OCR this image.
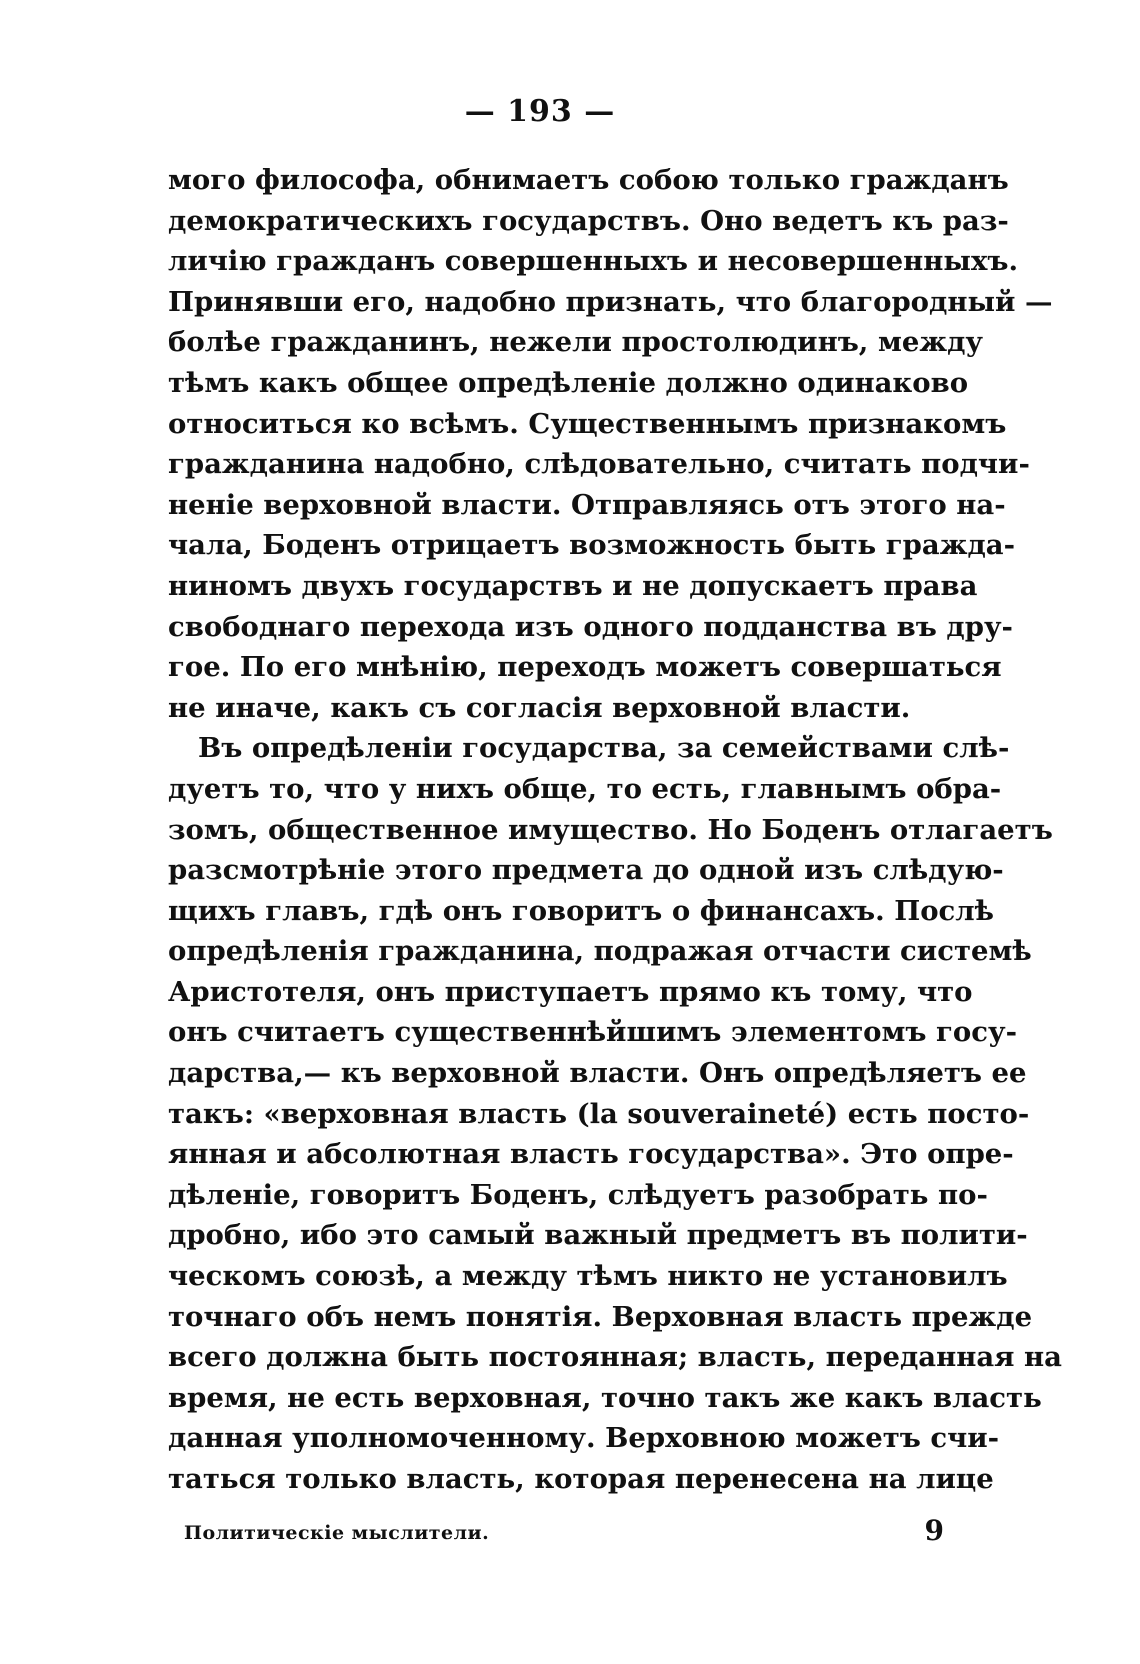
— 193 —
мого философа, обнимаетъ собою только гражданъ
демократическихъ государствъ. Оно ведетъ къ раз-
личію гражданъ совершенныхъ и несовершенныхъ.
Принявши его, надобно признать, что благородный —
болѣе гражданинъ, нежели простолюдинъ, между
тѣмъ какъ общее опредѣленіе должно одинаково
относиться ко всѣмъ. Существеннымъ признакомъ
гражданина надобно, слѣдовательно, считать подчи-
неніе верховной власти. Отправляясь отъ этого на-
чала, Боденъ отрицаетъ возможность быть гражда-
ниномъ двухъ государствъ и не допускаетъ права
свободнаго перехода изъ одного подданства въ дру-
гое. По его мнѣнію, переходъ можетъ совершаться
не иначе, какъ съ согласія верховной власти.
Въ опредѣленіи государства, за семействами слѣ-
дуетъ то, что у нихъ обще, то есть, главнымъ обра-
зомъ, общественное имущество. Но Боденъ отлагаетъ
разсмотрѣніе этого предмета до одной изъ слѣдую-
щихъ главъ, гдѣ онъ говоритъ о финансахъ. Послѣ
опредѣленія гражданина, подражая отчасти системѣ
Аристотеля, онъ приступаетъ прямо къ тому, что
онъ считаетъ существеннѣйшимъ элементомъ госу-
дарства,— къ верховной власти. Онъ опредѣляетъ ее
такъ: «верховная власть (la souveraineté) есть посто-
янная и абсолютная власть государства». Это опре-
дѣленіе, говоритъ Боденъ, слѣдуетъ разобрать по-
дробно, ибо это самый важный предметъ въ полити-
ческомъ союзѣ, а между тѣмъ никто не установилъ
точнаго объ немъ понятія. Верховная власть прежде
всего должна быть постоянная; власть, переданная на
время, не есть верховная, точно такъ же какъ власть
данная уполномоченному. Верховною можетъ счи-
таться только власть, которая перенесена на лице
Политическіе мыслители.	9
